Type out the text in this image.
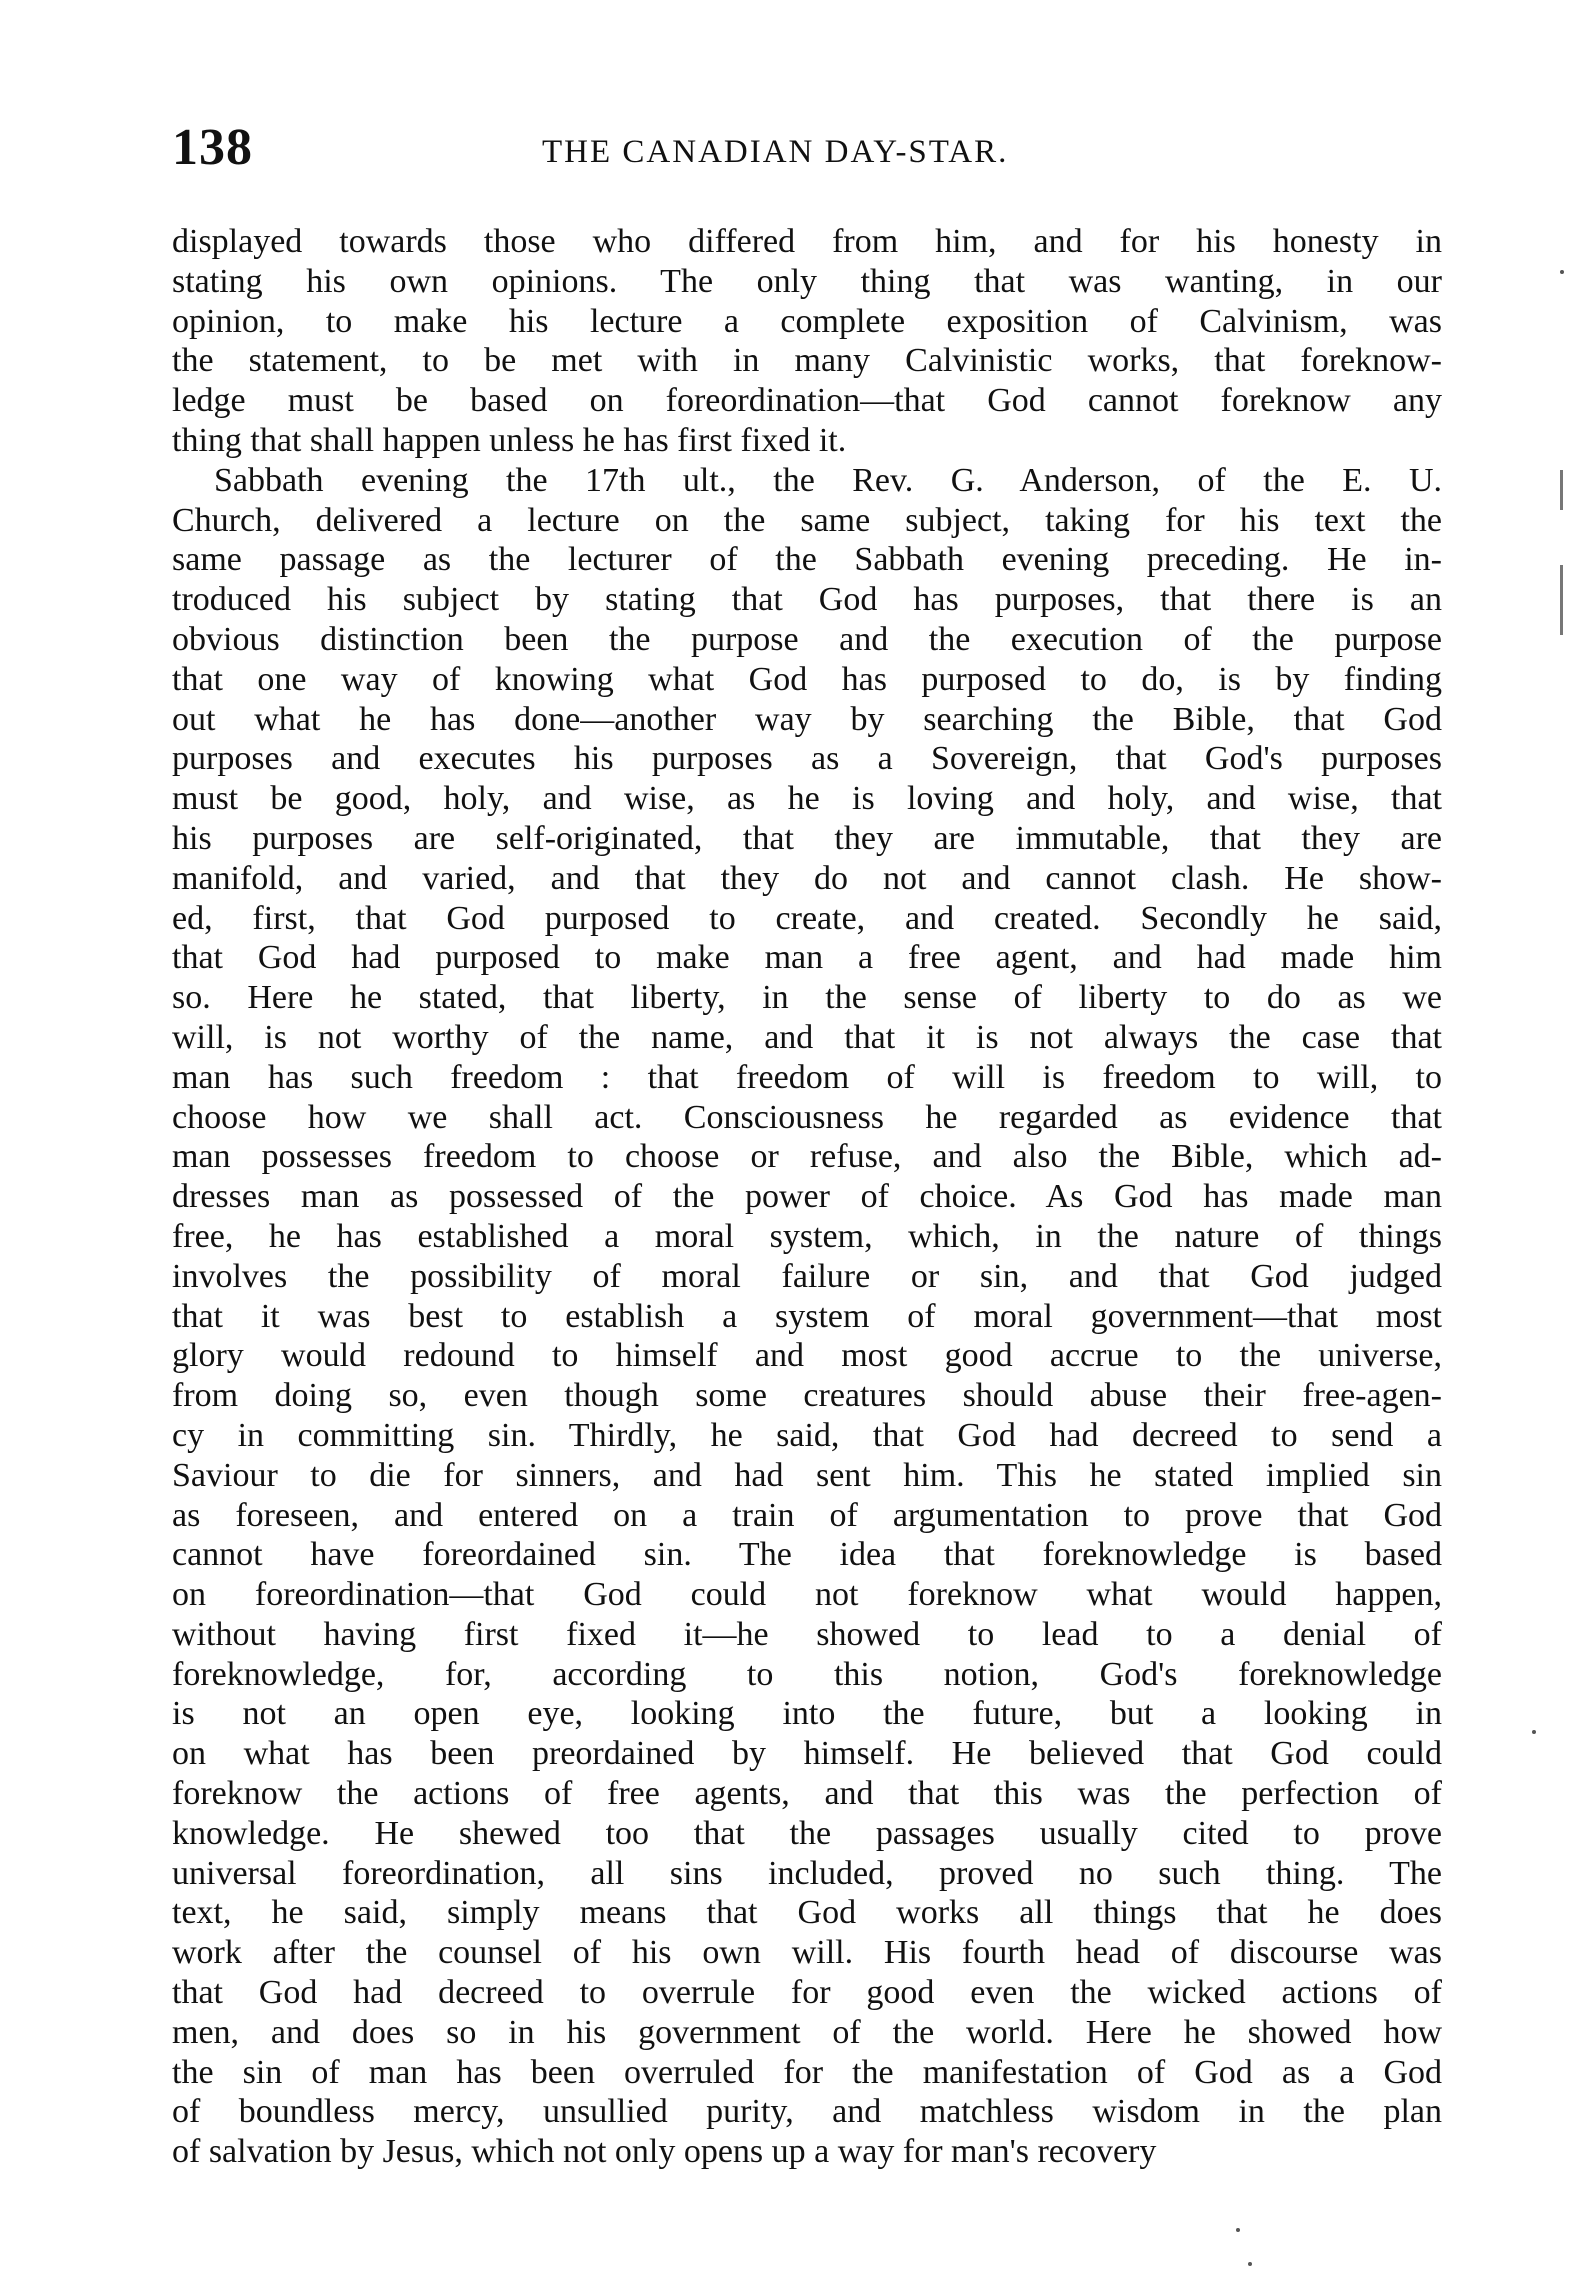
138	THE CANADIAN DAY-STAR.
displayed towards those who differed from him, and for his honesty in
stating his own opinions. The only thing that was wanting, in our
opinion, to make his lecture a complete exposition of Calvinism, was
the statement, to be met with in many Calvinistic works, that foreknow-
ledge must be based on foreordination—that God cannot foreknow any
thing that shall happen unless he has first fixed it.
Sabbath evening the 17th ult., the Rev. G. Anderson, of the E. U.
Church, delivered a lecture on the same subject, taking for his text the
same passage as the lecturer of the Sabbath evening preceding. He in-
troduced his subject by stating that God has purposes, that there is an
obvious distinction been the purpose and the execution of the purpose
that one way of knowing what God has purposed to do, is by finding
out what he has done—another way by searching the Bible, that God
purposes and executes his purposes as a Sovereign, that God's purposes
must be good, holy, and wise, as he is loving and holy, and wise, that
his purposes are self-originated, that they are immutable, that they are
manifold, and varied, and that they do not and cannot clash. He show-
ed, first, that God purposed to create, and created. Secondly he said,
that God had purposed to make man a free agent, and had made him
so. Here he stated, that liberty, in the sense of liberty to do as we
will, is not worthy of the name, and that it is not always the case that
man has such freedom : that freedom of will is freedom to will, to
choose how we shall act. Consciousness he regarded as evidence that
man possesses freedom to choose or refuse, and also the Bible, which ad-
dresses man as possessed of the power of choice. As God has made man
free, he has established a moral system, which, in the nature of things
involves the possibility of moral failure or sin, and that God judged
that it was best to establish a system of moral government—that most
glory would redound to himself and most good accrue to the universe,
from doing so, even though some creatures should abuse their free-agen-
cy in committing sin. Thirdly, he said, that God had decreed to send a
Saviour to die for sinners, and had sent him. This he stated implied sin
as foreseen, and entered on a train of argumentation to prove that God
cannot have foreordained sin. The idea that foreknowledge is based
on foreordination—that God could not foreknow what would happen,
without having first fixed it—he showed to lead to a denial of
foreknowledge, for, according to this notion, God's foreknowledge
is not an open eye, looking into the future, but a looking in
on what has been preordained by himself. He believed that God could
foreknow the actions of free agents, and that this was the perfection of
knowledge. He shewed too that the passages usually cited to prove
universal foreordination, all sins included, proved no such thing. The
text, he said, simply means that God works all things that he does
work after the counsel of his own will. His fourth head of discourse was
that God had decreed to overrule for good even the wicked actions of
men, and does so in his government of the world. Here he showed how
the sin of man has been overruled for the manifestation of God as a God
of boundless mercy, unsullied purity, and matchless wisdom in the plan
of salvation by Jesus, which not only opens up a way for man's recovery
